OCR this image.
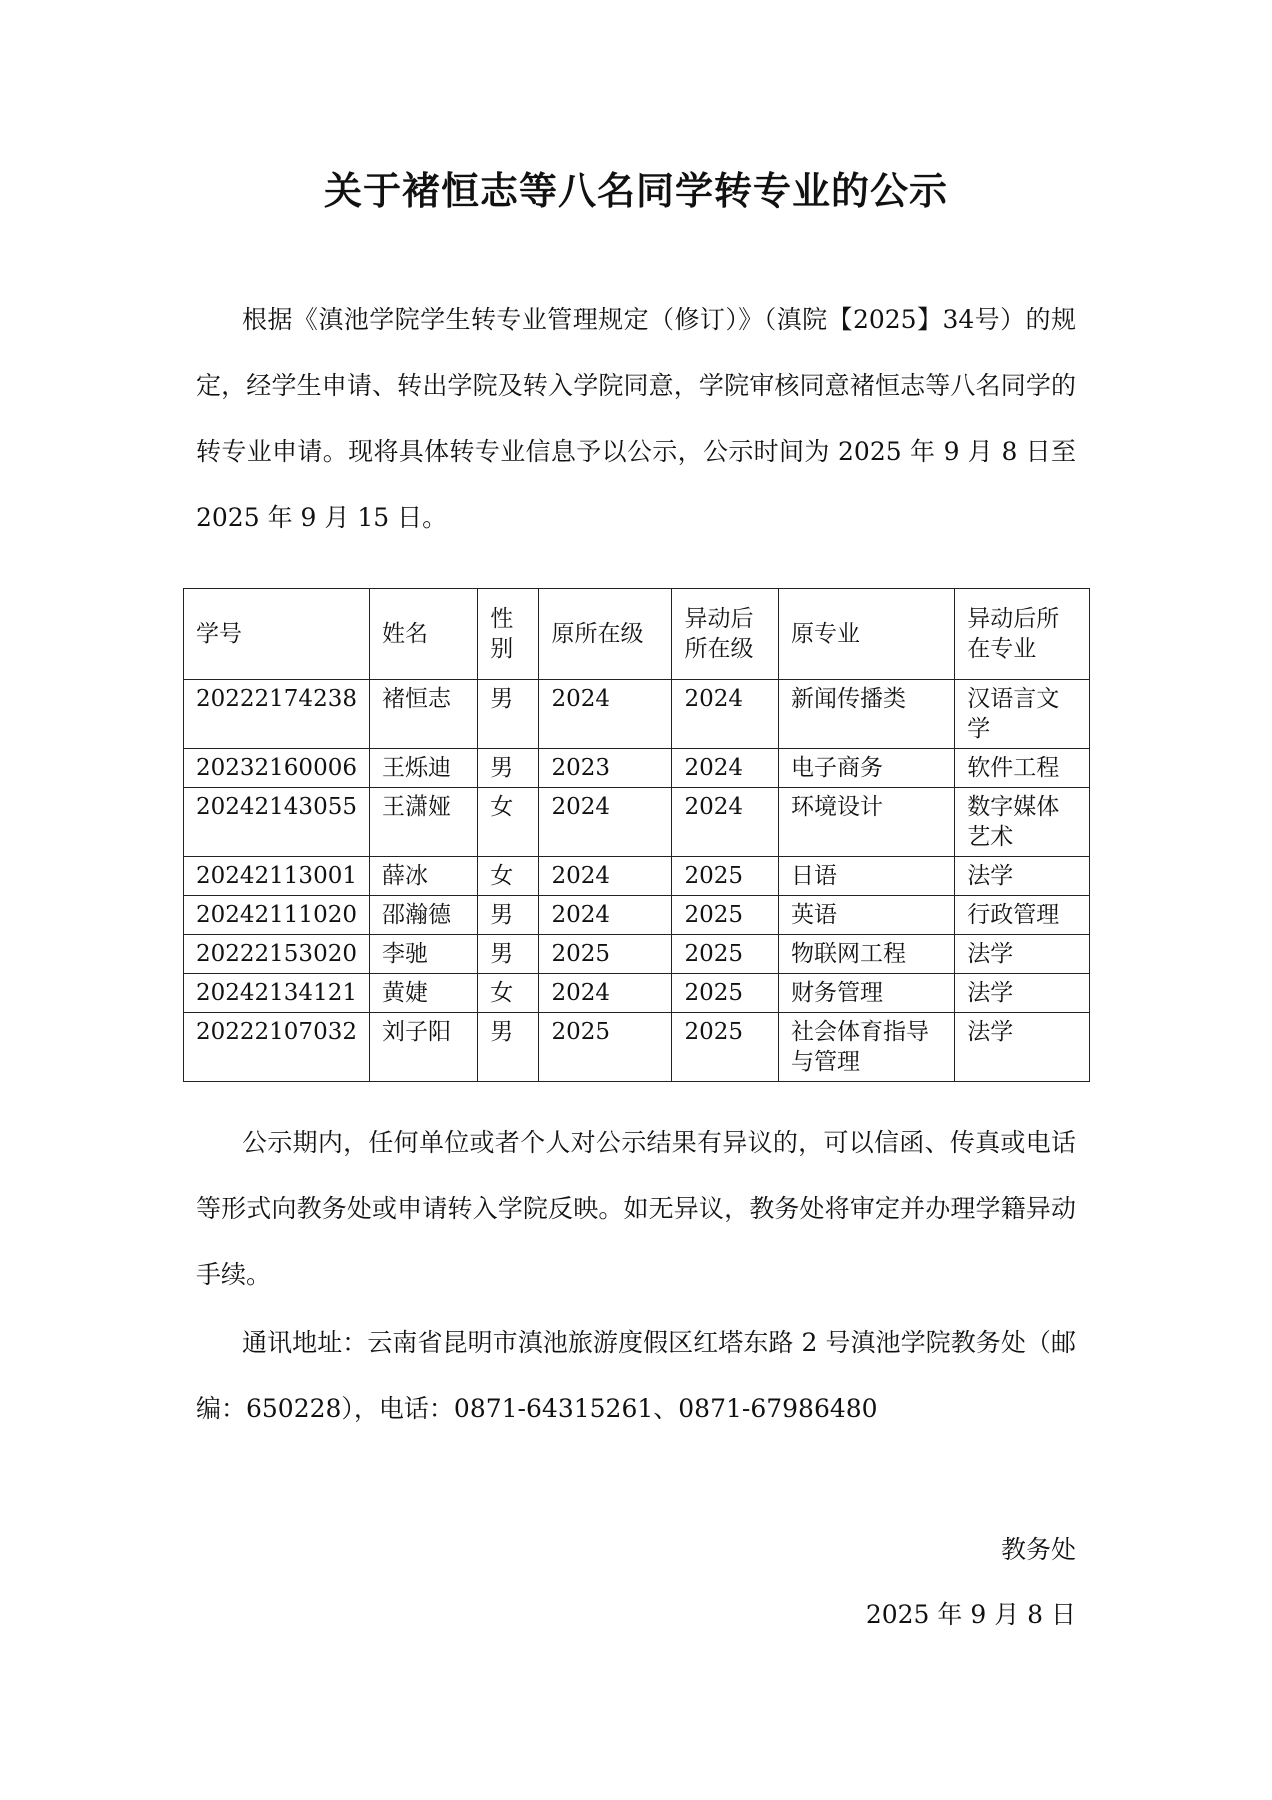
关于褚恒志等八名同学转专业的公示
根据《滇池学院学生转专业管理规定（修订）》（滇院【2025】34号）的规定，经学生申请、转出学院及转入学院同意，学院审核同意褚恒志等八名同学的转专业申请。现将具体转专业信息予以公示，公示时间为 2025 年 9 月 8 日至 2025 年 9 月 15 日。
学号	姓名	性别	原所在级	异动后所在级	原专业	异动后所在专业
20222174238	褚恒志	男	2024	2024	新闻传播类	汉语言文学
20232160006	王烁迪	男	2023	2024	电子商务	软件工程
20242143055	王潇娅	女	2024	2024	环境设计	数字媒体艺术
20242113001	薛冰	女	2024	2025	日语	法学
20242111020	邵瀚德	男	2024	2025	英语	行政管理
20222153020	李驰	男	2025	2025	物联网工程	法学
20242134121	黄婕	女	2024	2025	财务管理	法学
20222107032	刘子阳	男	2025	2025	社会体育指导与管理	法学
公示期内，任何单位或者个人对公示结果有异议的，可以信函、传真或电话等形式向教务处或申请转入学院反映。如无异议，教务处将审定并办理学籍异动手续。
通讯地址：云南省昆明市滇池旅游度假区红塔东路 2 号滇池学院教务处（邮编：650228），电话：0871-64315261、0871-67986480
教务处
2025 年 9 月 8 日
